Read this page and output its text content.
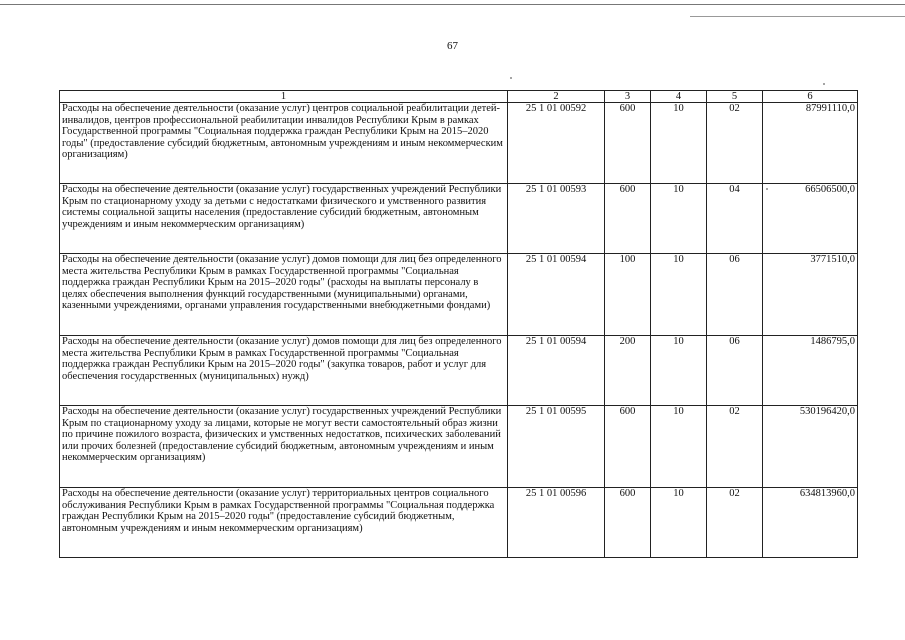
67
1	2	3	4	5	6
Расходы на обеспечение деятельности (оказание услуг) центров социальной реабилитации детей-инвалидов, центров профессиональной реабилитации инвалидов Республики Крым в рамках Государственной программы "Социальная поддержка граждан Республики Крым на 2015–2020 годы" (предоставление субсидий бюджетным, автономным учреждениям и иным некоммерческим организациям)	25 1 01 00592	600	10	02	87991110,0
Расходы на обеспечение деятельности (оказание услуг) государственных учреждений Республики Крым по стационарному уходу за детьми с недостатками физического и умственного развития системы социальной защиты населения (предоставление субсидий бюджетным, автономным учреждениям и иным некоммерческим организациям)	25 1 01 00593	600	10	04	66506500,0
Расходы на обеспечение деятельности (оказание услуг) домов помощи для лиц без определенного места жительства Республики Крым в рамках Государственной программы "Социальная поддержка граждан Республики Крым на 2015–2020 годы" (расходы на выплаты персоналу в целях обеспечения выполнения функций государственными (муниципальными) органами, казенными учреждениями, органами управления государственными внебюджетными фондами)	25 1 01 00594	100	10	06	3771510,0
Расходы на обеспечение деятельности (оказание услуг) домов помощи для лиц без определенного места жительства Республики Крым в рамках Государственной программы "Социальная поддержка граждан Республики Крым на 2015–2020 годы" (закупка товаров, работ и услуг для обеспечения государственных (муниципальных) нужд)	25 1 01 00594	200	10	06	1486795,0
Расходы на обеспечение деятельности (оказание услуг) государственных учреждений Республики Крым по стационарному уходу за лицами, которые не могут вести самостоятельный образ жизни по причине пожилого возраста, физических и умственных недостатков, психических заболеваний или прочих болезней (предоставление субсидий бюджетным, автономным учреждениям и иным некоммерческим организациям)	25 1 01 00595	600	10	02	530196420,0
Расходы на обеспечение деятельности (оказание услуг) территориальных центров социального обслуживания Республики Крым в рамках Государственной программы "Социальная поддержка граждан Республики Крым на 2015–2020 годы" (предоставление субсидий бюджетным, автономным учреждениям и иным некоммерческим организациям)	25 1 01 00596	600	10	02	634813960,0
